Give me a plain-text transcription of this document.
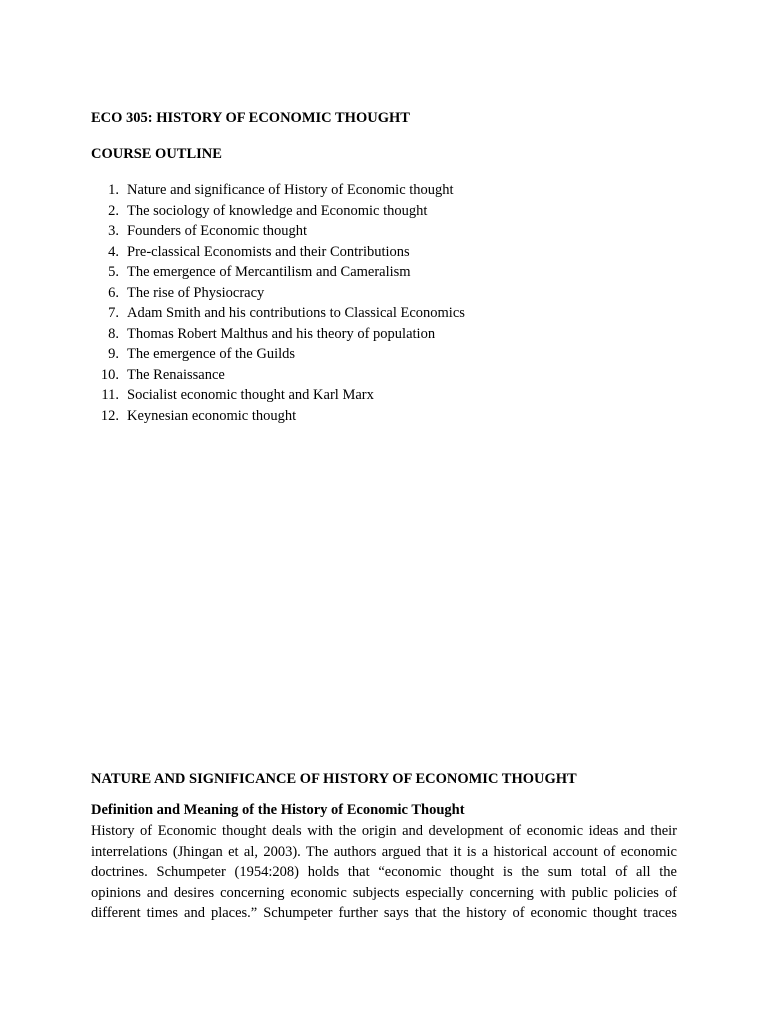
ECO 305: HISTORY OF ECONOMIC THOUGHT
COURSE OUTLINE
1. Nature and significance of History of Economic thought
2. The sociology of knowledge and Economic thought
3. Founders of Economic thought
4. Pre-classical Economists and their Contributions
5. The emergence of Mercantilism and Cameralism
6. The rise of Physiocracy
7. Adam Smith and his contributions to Classical Economics
8. Thomas Robert Malthus and his theory of population
9. The emergence of the Guilds
10. The Renaissance
11. Socialist economic thought and Karl Marx
12. Keynesian economic thought
NATURE AND SIGNIFICANCE OF HISTORY OF ECONOMIC THOUGHT
Definition and Meaning of the History of Economic Thought

History of Economic thought deals with the origin and development of economic ideas and their
interrelations (Jhingan et al, 2003). The authors argued that it is a historical account of economic
doctrines. Schumpeter (1954:208) holds that “economic thought is the sum total of all the
opinions and desires concerning economic subjects especially concerning with public policies of
different times and places.” Schumpeter further says that the history of economic thought traces
